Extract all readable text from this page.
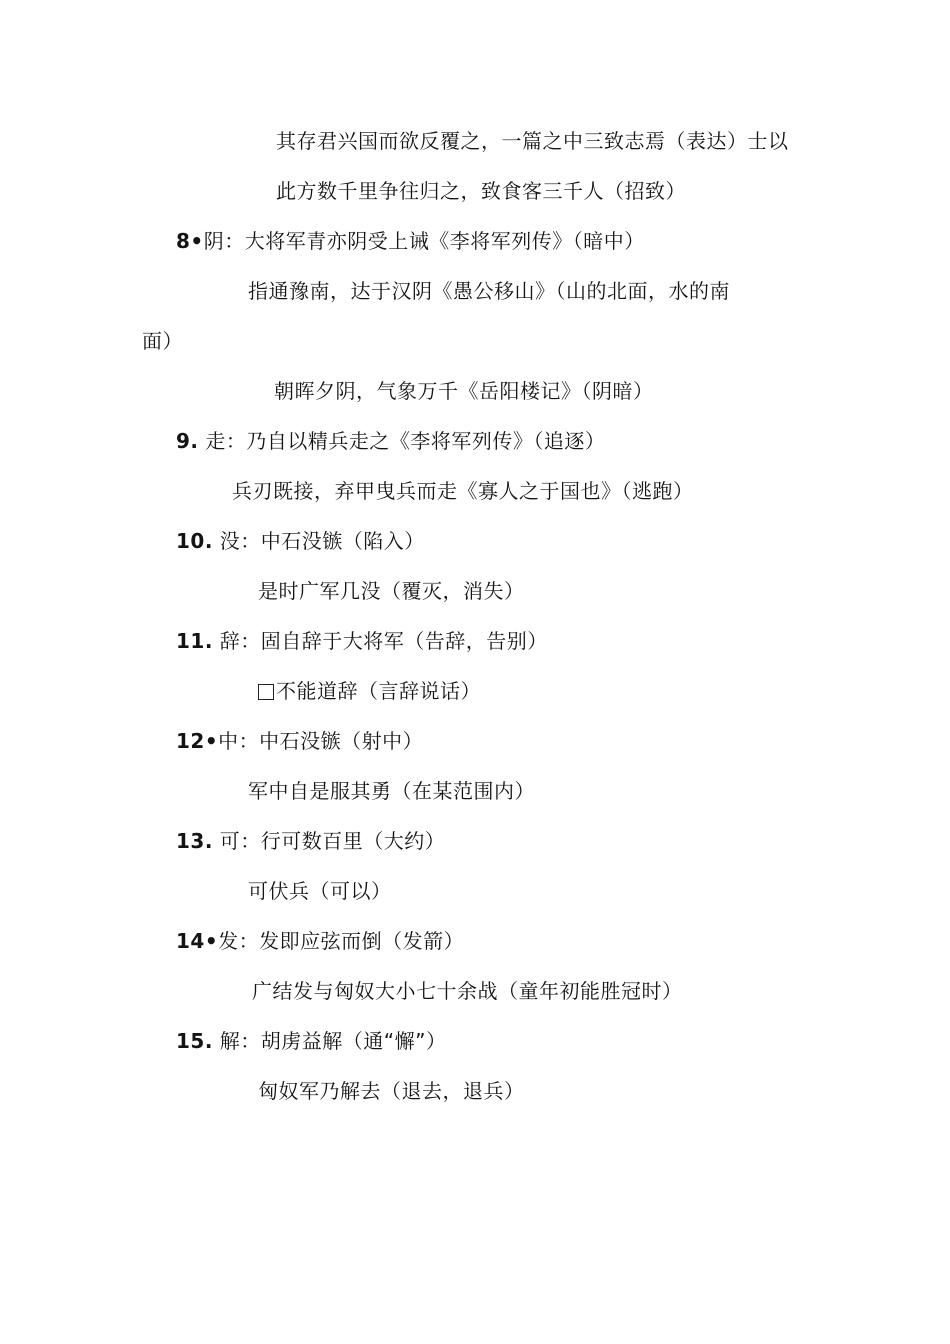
其存君兴国而欲反覆之，一篇之中三致志焉（表达）士以
此方数千里争往归之，致食客三千人（招致）
8•阴：大将军青亦阴受上诫《李将军列传》（暗中）
指通豫南，达于汉阴《愚公移山》（山的北面，水的南
面）
朝晖夕阴，气象万千《岳阳楼记》（阴暗）
9. 走：乃自以精兵走之《李将军列传》（追逐）
兵刃既接，弃甲曳兵而走《寡人之于国也》（逃跑）
10. 没：中石没镞（陷入）
是时广军几没（覆灭，消失）
11. 辞：固自辞于大将军（告辞，告别）
不能道辞（言辞说话）
12•中：中石没镞（射中）
军中自是服其勇（在某范围内）
13. 可：行可数百里（大约）
可伏兵（可以）
14•发：发即应弦而倒（发箭）
广结发与匈奴大小七十余战（童年初能胜冠时）
15. 解：胡虏益解（通“懈”）
匈奴军乃解去（退去，退兵）
